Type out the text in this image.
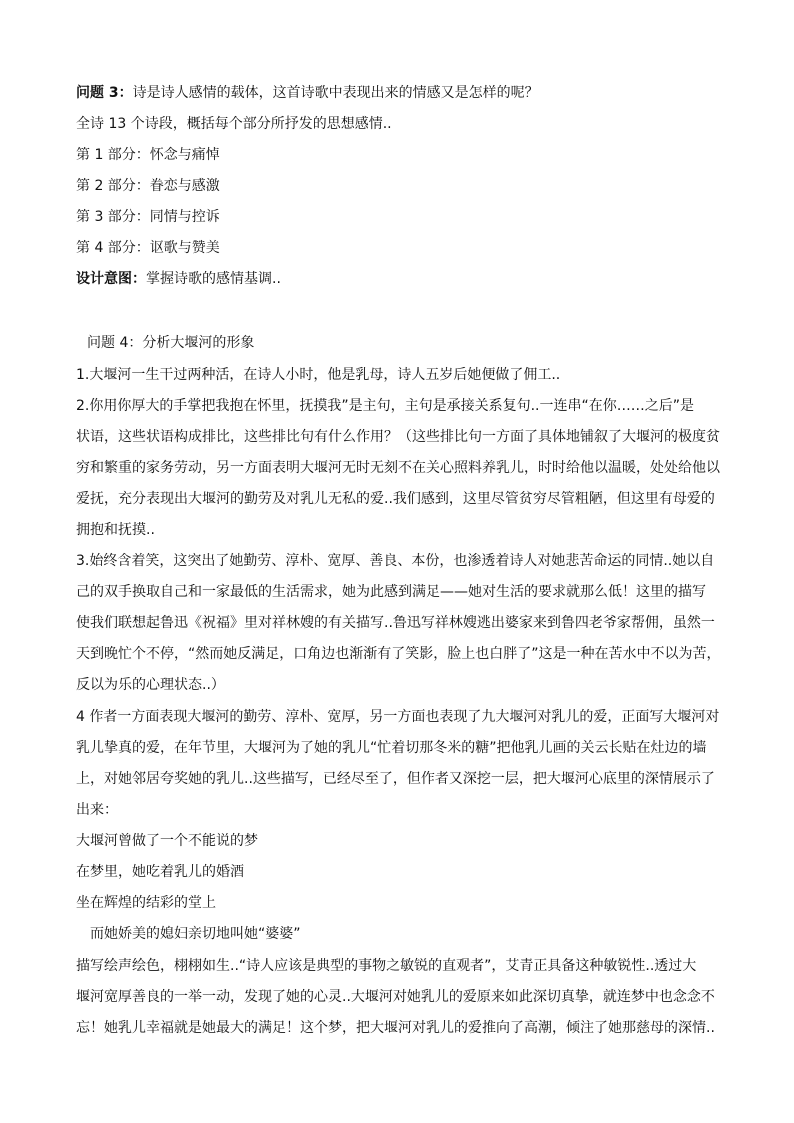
问题 3：诗是诗人感情的载体，这首诗歌中表现出来的情感又是怎样的呢？
全诗 13 个诗段，概括每个部分所抒发的思想感情..
第 1 部分：怀念与痛悼
第 2 部分：眷恋与感激
第 3 部分：同情与控诉
第 4 部分：讴歌与赞美
设计意图：掌握诗歌的感情基调..
问题 4：分析大堰河的形象
1.大堰河一生干过两种活，在诗人小时，他是乳母，诗人五岁后她便做了佣工..
2.你用你厚大的手掌把我抱在怀里，抚摸我”是主句，主句是承接关系复句..一连串“在你……之后”是
状语，这些状语构成排比，这些排比句有什么作用？（这些排比句一方面了具体地铺叙了大堰河的极度贫
穷和繁重的家务劳动，另一方面表明大堰河无时无刻不在关心照料养乳儿，时时给他以温暖，处处给他以
爱抚，充分表现出大堰河的勤劳及对乳儿无私的爱..我们感到，这里尽管贫穷尽管粗陋，但这里有母爱的
拥抱和抚摸..
3.始终含着笑，这突出了她勤劳、淳朴、宽厚、善良、本份，也渗透着诗人对她悲苦命运的同情..她以自
己的双手换取自己和一家最低的生活需求，她为此感到满足——她对生活的要求就那么低！这里的描写
使我们联想起鲁迅《祝福》里对祥林嫂的有关描写..鲁迅写祥林嫂逃出婆家来到鲁四老爷家帮佣，虽然一
天到晚忙个不停，“然而她反满足，口角边也渐渐有了笑影，脸上也白胖了”这是一种在苦水中不以为苦，
反以为乐的心理状态..）
4 作者一方面表现大堰河的勤劳、淳朴、宽厚，另一方面也表现了九大堰河对乳儿的爱，正面写大堰河对
乳儿挚真的爱，在年节里，大堰河为了她的乳儿“忙着切那冬米的糖”把他乳儿画的关云长贴在灶边的墙
上，对她邻居夸奖她的乳儿..这些描写，已经尽至了，但作者又深挖一层，把大堰河心底里的深情展示了
出来：
大堰河曾做了一个不能说的梦
在梦里，她吃着乳儿的婚酒
坐在辉煌的结彩的堂上
而她娇美的媳妇亲切地叫她“婆婆”
描写绘声绘色，栩栩如生..“诗人应该是典型的事物之敏锐的直观者”，艾青正具备这种敏锐性..透过大
堰河宽厚善良的一举一动，发现了她的心灵..大堰河对她乳儿的爱原来如此深切真挚，就连梦中也念念不
忘！她乳儿幸福就是她最大的满足！这个梦，把大堰河对乳儿的爱推向了高潮，倾注了她那慈母的深情..
